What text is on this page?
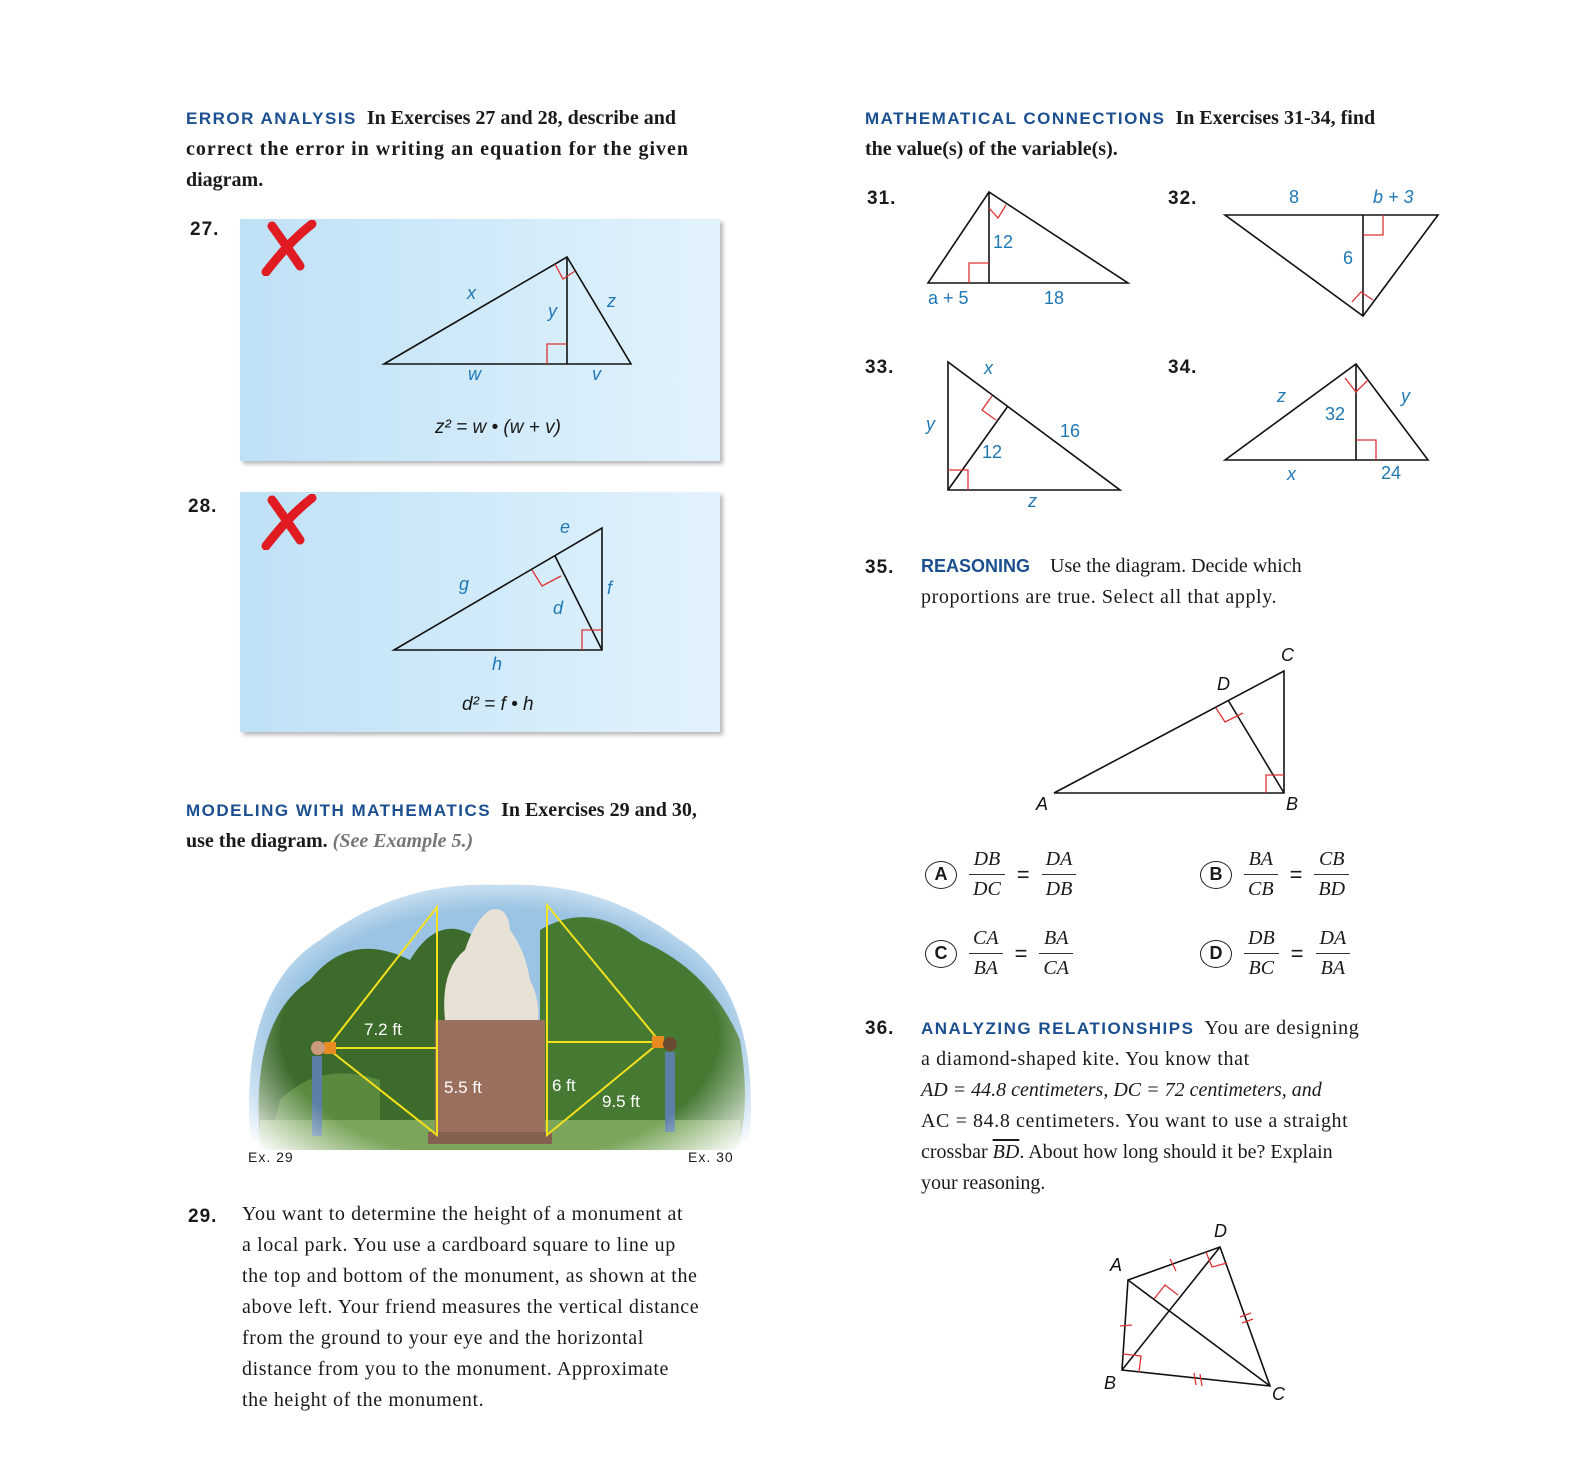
ERROR ANALYSIS In Exercises 27 and 28, describe and
correct the error in writing an equation for the given
diagram.
27.
x
y	z
w	v
z² = w • (w + v)
28.
e
g	f
d
h
d² = f • h
MODELING WITH MATHEMATICS In Exercises 29 and 30,
use the diagram. (See Example 5.)
7.2 ft
5.5 ft	6 ft
9.5 ft
Ex. 29	Ex. 30
29. You want to determine the height of a monument at
a local park. You use a cardboard square to line up
the top and bottom of the monument, as shown at the
above left. Your friend measures the vertical distance
from the ground to your eye and the horizontal
distance from you to the monument. Approximate
the height of the monument.
MATHEMATICAL CONNECTIONS In Exercises 31-34, find
the value(s) of the variable(s).
31.
12
a + 5	18
32.	8	b + 3
6
33.	x
y
12
16
z
34.
z	y
32
x	24
35. REASONING Use the diagram. Decide which
proportions are true. Select all that apply.
A	B
C
D
A	$\frac{DB}{DC} = \frac{DA}{DB}$	B	$\frac{BA}{CB} = \frac{CB}{BD}$
C	$\frac{CA}{BA} = \frac{BA}{CA}$	D	$\frac{DB}{BC} = \frac{DA}{BA}$
36. ANALYZING RELATIONSHIPS You are designing
a diamond-shaped kite. You know that
AD = 44.8 centimeters, DC = 72 centimeters, and
AC = 84.8 centimeters. You want to use a straight
crossbar $\overline{BD}$. About how long should it be? Explain
your reasoning.
A
B
C
D
